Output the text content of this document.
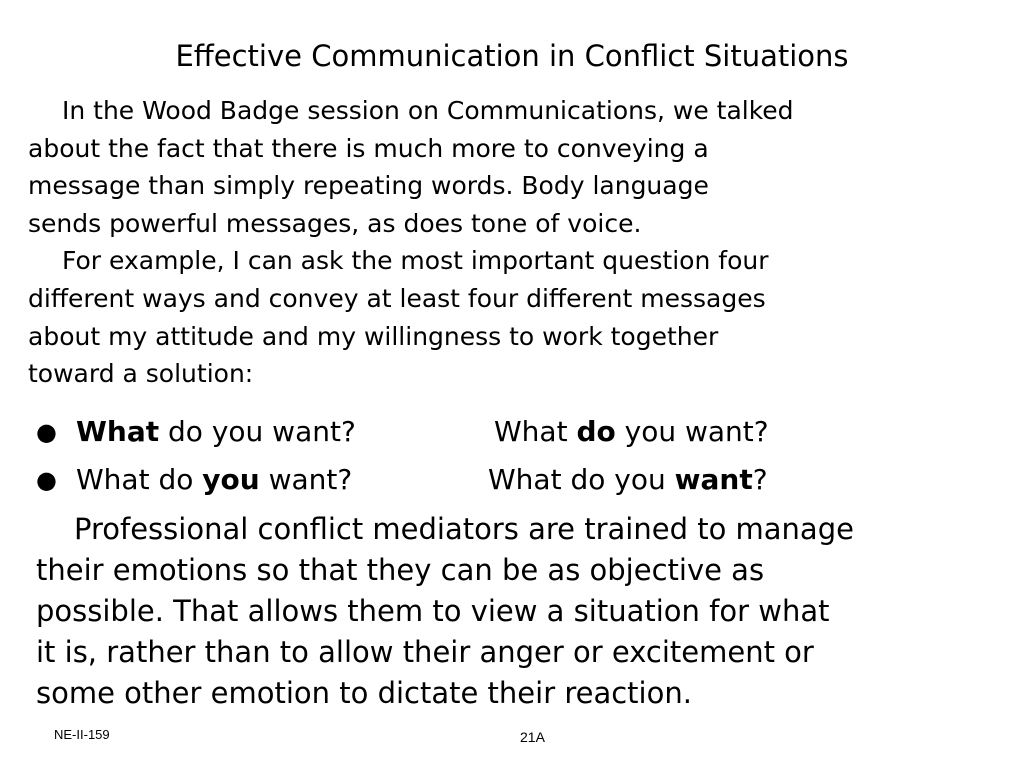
Effective Communication in Conflict Situations
In the Wood Badge session on Communications, we talked
about the fact that there is much more to conveying a
message than simply repeating words. Body language
sends powerful messages, as does tone of voice.
For example, I can ask the most important question four
different ways and convey at least four different messages
about my attitude and my willingness to work together
toward a solution:
● What do you want?	What do you want?
● What do you want?	What do you want?
Professional conflict mediators are trained to manage
their emotions so that they can be as objective as
possible. That allows them to view a situation for what
it is, rather than to allow their anger or excitement or
some other emotion to dictate their reaction.
NE-II-159	21A
